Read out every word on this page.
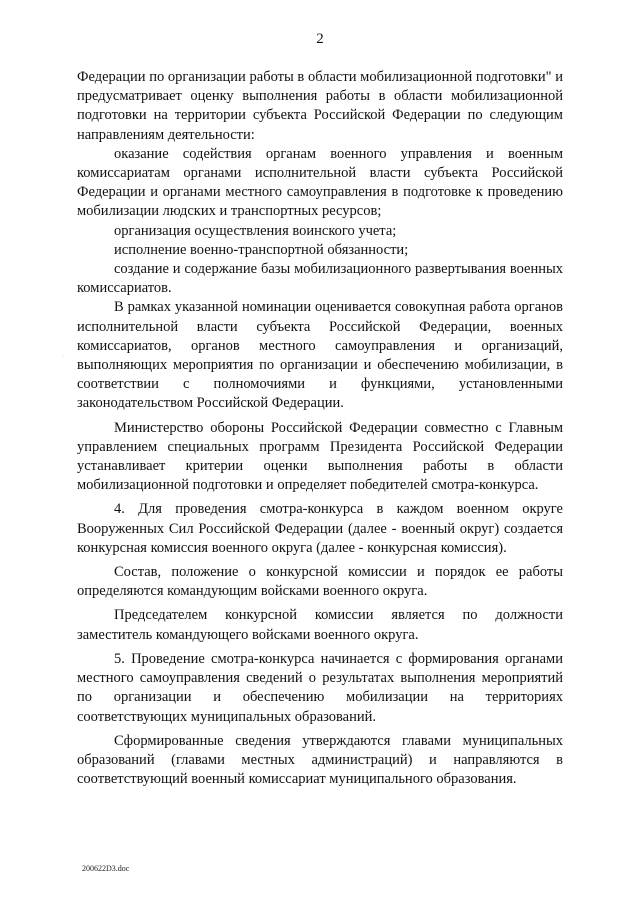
2

Федерации по организации работы в области мобилизационной подготовки" и предусматривает оценку выполнения работы в области мобилизационной подготовки на территории субъекта Российской Федерации по следующим направлениям деятельности:

оказание содействия органам военного управления и военным комиссариатам органами исполнительной власти субъекта Российской Федерации и органами местного самоуправления в подготовке к проведению мобилизации людских и транспортных ресурсов;

организация осуществления воинского учета;

исполнение военно-транспортной обязанности;

создание и содержание базы мобилизационного развертывания военных комиссариатов.

В рамках указанной номинации оценивается совокупная работа органов исполнительной власти субъекта Российской Федерации, военных комиссариатов, органов местного самоуправления и организаций, выполняющих мероприятия по организации и обеспечению мобилизации, в соответствии с полномочиями и функциями, установленными законодательством Российской Федерации.

Министерство обороны Российской Федерации совместно с Главным управлением специальных программ Президента Российской Федерации устанавливает критерии оценки выполнения работы в области мобилизационной подготовки и определяет победителей смотра-конкурса.

4. Для проведения смотра-конкурса в каждом военном округе Вооруженных Сил Российской Федерации (далее - военный округ) создается конкурсная комиссия военного округа (далее - конкурсная комиссия).

Состав, положение о конкурсной комиссии и порядок ее работы определяются командующим войсками военного округа.

Председателем конкурсной комиссии является по должности заместитель командующего войсками военного округа.

5. Проведение смотра-конкурса начинается с формирования органами местного самоуправления сведений о результатах выполнения мероприятий по организации и обеспечению мобилизации на территориях соответствующих муниципальных образований.

Сформированные сведения утверждаются главами муниципальных образований (главами местных администраций) и направляются в соответствующий военный комиссариат муниципального образования.

·
200622D3.doc
